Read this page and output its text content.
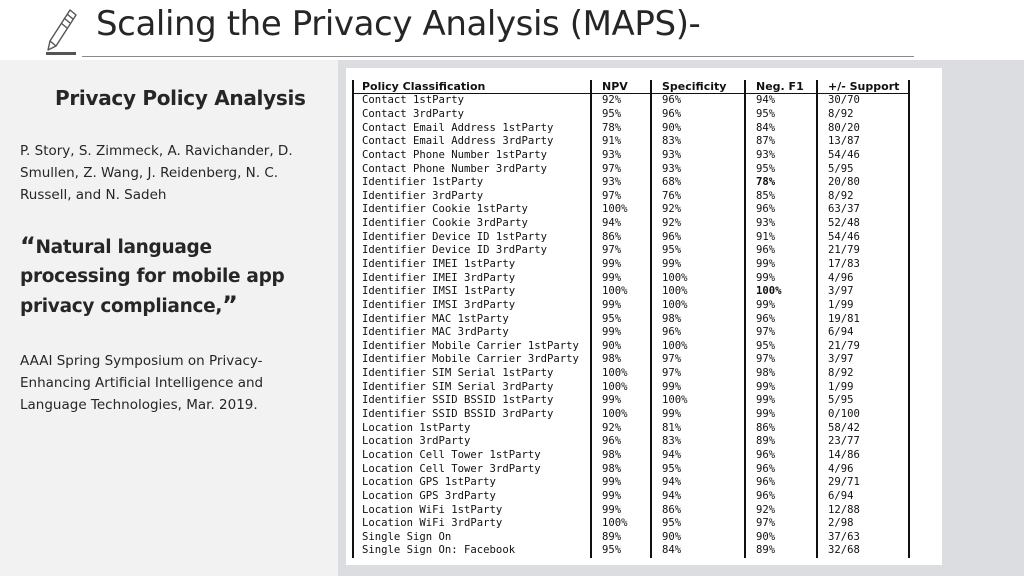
Scaling the Privacy Analysis (MAPS)-
Privacy Policy Analysis
P. Story, S. Zimmeck, A. Ravichander, D. Smullen, Z. Wang, J. Reidenberg, N. C. Russell, and N. Sadeh
“Natural language processing for mobile app privacy compliance,”
AAAI Spring Symposium on Privacy-Enhancing Artificial Intelligence and Language Technologies, Mar. 2019.
Policy Classification	NPV	Specificity	Neg. F1	+/- Support
Contact 1stParty	92%	96%	94%	30/70
Contact 3rdParty	95%	96%	95%	8/92
Contact Email Address 1stParty	78%	90%	84%	80/20
Contact Email Address 3rdParty	91%	83%	87%	13/87
Contact Phone Number 1stParty	93%	93%	93%	54/46
Contact Phone Number 3rdParty	97%	93%	95%	5/95
Identifier 1stParty	93%	68%	78%	20/80
Identifier 3rdParty	97%	76%	85%	8/92
Identifier Cookie 1stParty	100%	92%	96%	63/37
Identifier Cookie 3rdParty	94%	92%	93%	52/48
Identifier Device ID 1stParty	86%	96%	91%	54/46
Identifier Device ID 3rdParty	97%	95%	96%	21/79
Identifier IMEI 1stParty	99%	99%	99%	17/83
Identifier IMEI 3rdParty	99%	100%	99%	4/96
Identifier IMSI 1stParty	100%	100%	100%	3/97
Identifier IMSI 3rdParty	99%	100%	99%	1/99
Identifier MAC 1stParty	95%	98%	96%	19/81
Identifier MAC 3rdParty	99%	96%	97%	6/94
Identifier Mobile Carrier 1stParty	90%	100%	95%	21/79
Identifier Mobile Carrier 3rdParty	98%	97%	97%	3/97
Identifier SIM Serial 1stParty	100%	97%	98%	8/92
Identifier SIM Serial 3rdParty	100%	99%	99%	1/99
Identifier SSID BSSID 1stParty	99%	100%	99%	5/95
Identifier SSID BSSID 3rdParty	100%	99%	99%	0/100
Location 1stParty	92%	81%	86%	58/42
Location 3rdParty	96%	83%	89%	23/77
Location Cell Tower 1stParty	98%	94%	96%	14/86
Location Cell Tower 3rdParty	98%	95%	96%	4/96
Location GPS 1stParty	99%	94%	96%	29/71
Location GPS 3rdParty	99%	94%	96%	6/94
Location WiFi 1stParty	99%	86%	92%	12/88
Location WiFi 3rdParty	100%	95%	97%	2/98
Single Sign On	89%	90%	90%	37/63
Single Sign On: Facebook	95%	84%	89%	32/68
